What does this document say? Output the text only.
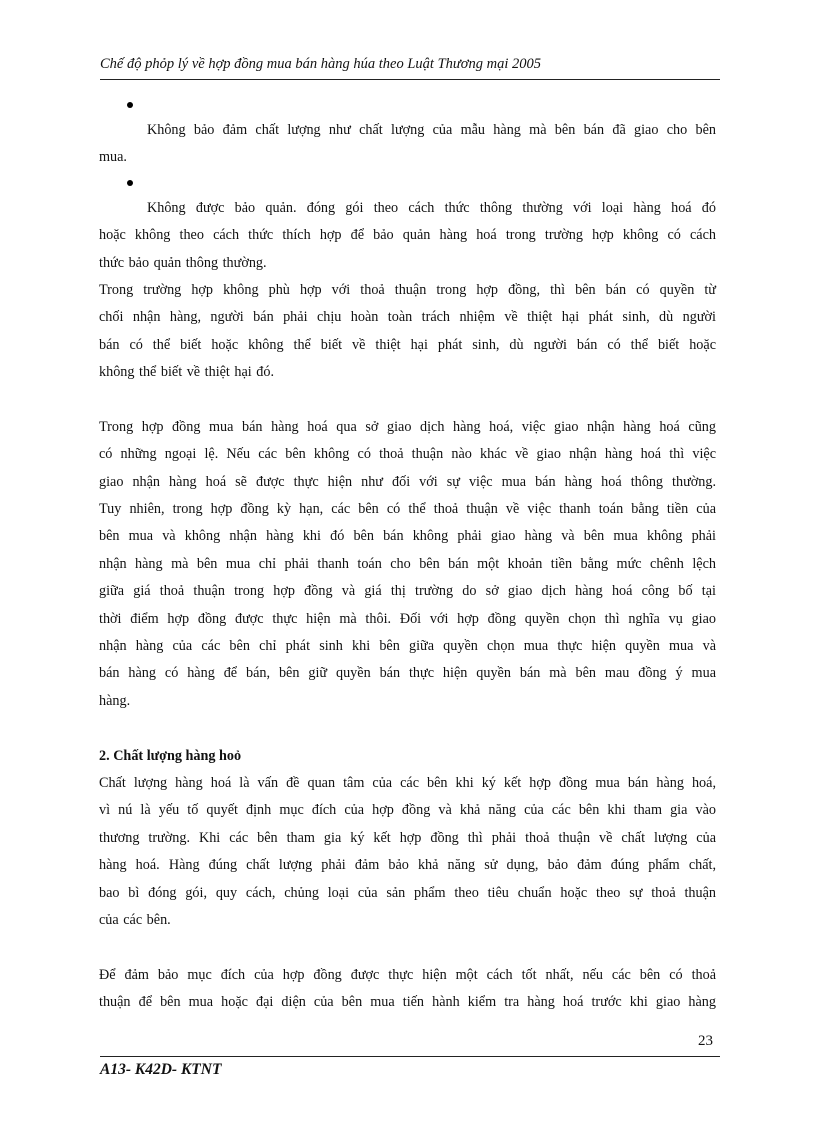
Chế độ phỏp lý về hợp đồng mua bán hàng húa theo Luật Thương mại 2005
Không bảo đảm chất lượng như chất lượng của mẫu hàng mà bên bán đã giao cho bên
mua.
Không được bảo quản. đóng gói theo cách thức thông thường với loại hàng hoá đó
hoặc không theo cách thức thích hợp để bảo quản hàng hoá trong trường hợp không có cách
thức bảo quản thông thường.
Trong trường hợp không phù hợp với thoả thuận trong hợp đồng, thì bên bán có quyền từ
chối nhận hàng, người bán phải chịu hoàn toàn trách nhiệm về thiệt hại phát sinh, dù người
bán có thể biết hoặc không thể biết về thiệt hại phát sinh, dù người bán có thể biết hoặc
không thể biết về thiệt hại đó.
Trong hợp đồng mua bán hàng hoá qua sở giao dịch hàng hoá, việc giao nhận hàng hoá cũng
có những ngoại lệ. Nếu các bên không có thoả thuận nào khác về giao nhận hàng hoá thì việc
giao nhận hàng hoá sẽ được thực hiện như đối với sự việc mua bán hàng hoá thông thường.
Tuy nhiên, trong hợp đồng kỳ hạn, các bên có thể thoả thuận về việc thanh toán bằng tiền của
bên mua và không nhận hàng khi đó bên bán không phải giao hàng và bên mua không phải
nhận hàng mà bên mua chỉ phải thanh toán cho bên bán một khoản tiền bằng mức chênh lệch
giữa giá thoả thuận trong hợp đồng và giá thị trường do sở giao dịch hàng hoá công bố tại
thời điểm hợp đồng được thực hiện mà thôi. Đối với hợp đồng quyền chọn thì nghĩa vụ giao
nhận hàng của các bên chỉ phát sinh khi bên giữa quyền chọn mua thực hiện quyền mua và
bán hàng có hàng để bán, bên giữ quyền bán thực hiện quyền bán mà bên mau đồng ý mua
hàng.
2. Chất lượng hàng hoỏ
Chất lượng hàng hoá là vấn đề quan tâm của các bên khi ký kết hợp đồng mua bán hàng hoá,
vì nú là yếu tố quyết định mục đích của hợp đồng và khả năng của các bên khi tham gia vào
thương trường. Khi các bên tham gia ký kết hợp đồng thì phải thoả thuận về chất lượng của
hàng hoá. Hàng đúng chất lượng phải đảm bảo khả năng sử dụng, bảo đảm đúng phẩm chất,
bao bì đóng gói, quy cách, chủng loại của sản phẩm theo tiêu chuẩn hoặc theo sự thoả thuận
của các bên.
Để đảm bảo mục đích của hợp đồng được thực hiện một cách tốt nhất, nếu các bên có thoả
thuận để bên mua hoặc đại diện của bên mua tiến hành kiểm tra hàng hoá trước khi giao hàng
23
A13- K42D- KTNT
